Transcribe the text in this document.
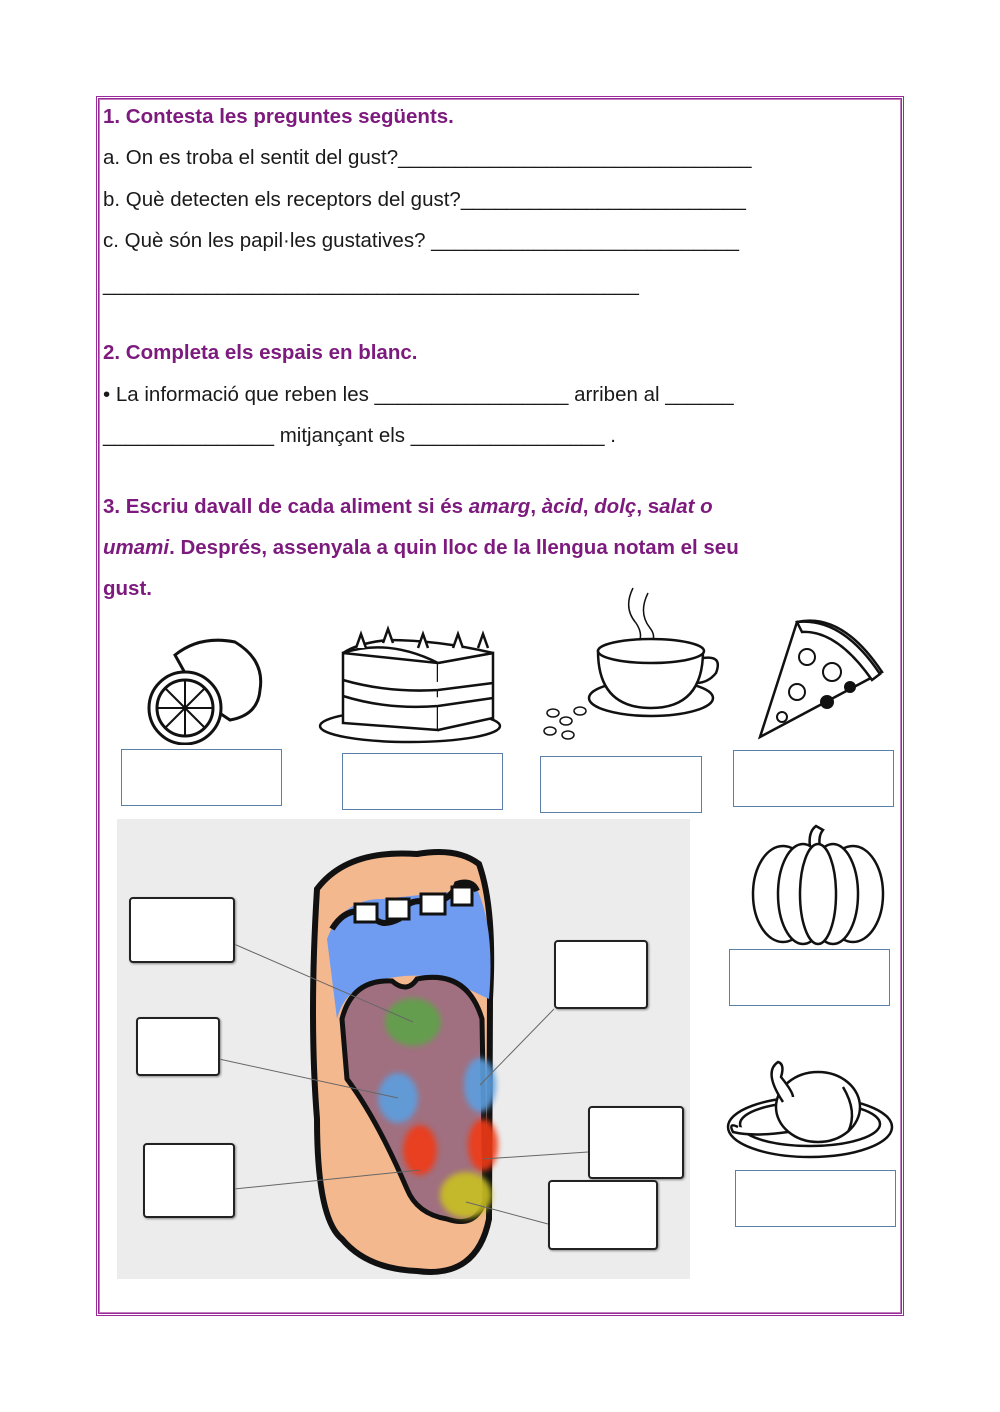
1. Contesta les preguntes següents.
a. On es troba el sentit del gust?_______________________________
b. Què detecten els receptors del gust?_________________________
c. Què són les papil·les gustatives? ___________________________
_______________________________________________
2. Completa els espais en blanc.
• La informació que reben les _________________ arriben al ______
_______________ mitjançant els _________________ .
3. Escriu davall de cada aliment si és amarg, àcid, dolç, salat o
umami. Després, assenyala a quin lloc de la llengua notam el seu
gust.
